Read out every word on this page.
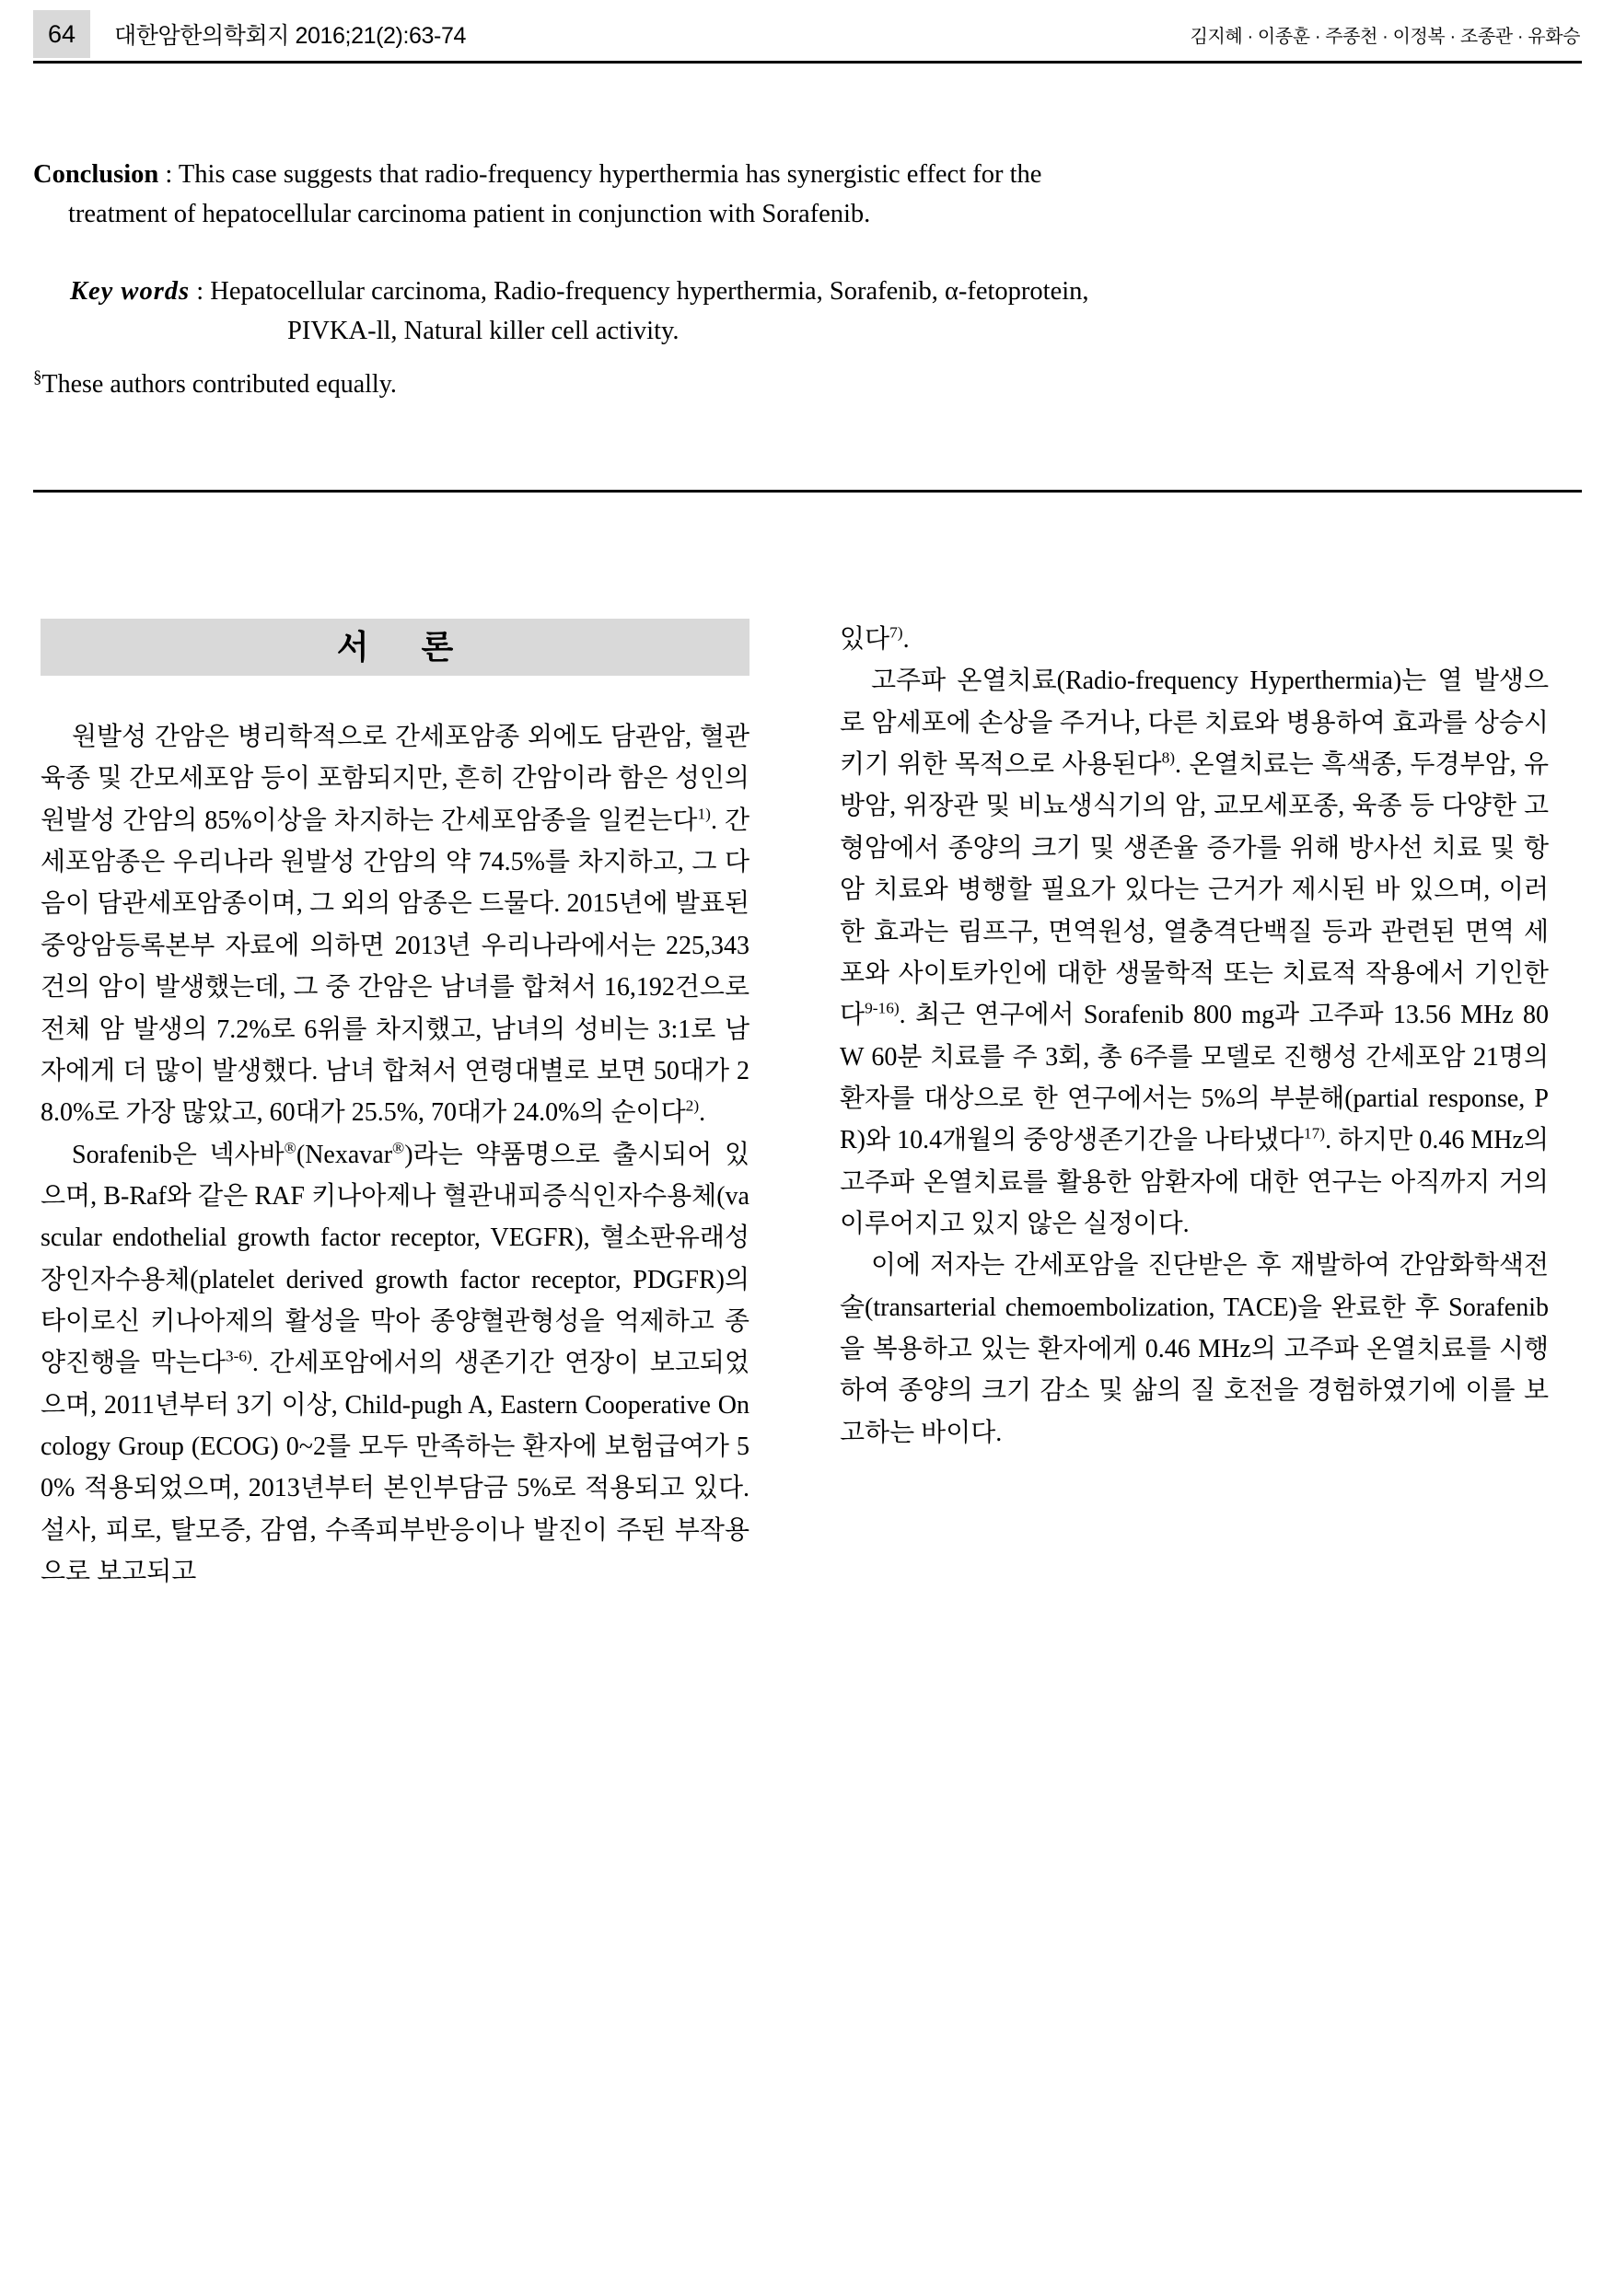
64	대한암한의학회지 2016;21(2):63-74	김지혜 · 이종훈 · 주종천 · 이정복 · 조종관 · 유화승
Conclusion : This case suggests that radio-frequency hyperthermia has synergistic effect for the
treatment of hepatocellular carcinoma patient in conjunction with Sorafenib.
Key words : Hepatocellular carcinoma, Radio-frequency hyperthermia, Sorafenib, α-fetoprotein,
PIVKA-ll, Natural killer cell activity.
§These authors contributed equally.
서 론

원발성 간암은 병리학적으로 간세포암종 외에도 담관암, 혈관육종 및 간모세포암 등이 포함되지만, 흔히 간암이라 함은 성인의 원발성 간암의 85%이상을 차지하는 간세포암종을 일컫는다$^{1)}$. 간세포암종은 우리나라 원발성 간암의 약 74.5%를 차지하고, 그 다음이 담관세포암종이며, 그 외의 암종은 드물다. 2015년에 발표된 중앙암등록본부 자료에 의하면 2013년 우리나라에서는 225,343건의 암이 발생했는데, 그 중 간암은 남녀를 합쳐서 16,192건으로 전체 암 발생의 7.2%로 6위를 차지했고, 남녀의 성비는 3:1로 남자에게 더 많이 발생했다. 남녀 합쳐서 연령대별로 보면 50대가 28.0%로 가장 많았고, 60대가 25.5%, 70대가 24.0%의 순이다$^{2)}$.

Sorafenib은 넥사바®(Nexavar®)라는 약품명으로 출시되어 있으며, B-Raf와 같은 RAF 키나아제나 혈관내피증식인자수용체(vascular endothelial growth factor receptor, VEGFR), 혈소판유래성장인자수용체(platelet derived growth factor receptor, PDGFR)의 타이로신 키나아제의 활성을 막아 종양혈관형성을 억제하고 종양진행을 막는다$^{3-6)}$. 간세포암에서의 생존기간 연장이 보고되었으며, 2011년부터 3기 이상, Child-pugh A, Eastern Cooperative Oncology Group (ECOG) 0~2를 모두 만족하는 환자에 보험급여가 50% 적용되었으며, 2013년부터 본인부담금 5%로 적용되고 있다. 설사, 피로, 탈모증, 감염, 수족피부반응이나 발진이 주된 부작용으로 보고되고

있다$^{7)}$.

고주파 온열치료(Radio-frequency Hyperthermia)는 열 발생으로 암세포에 손상을 주거나, 다른 치료와 병용하여 효과를 상승시키기 위한 목적으로 사용된다$^{8)}$. 온열치료는 흑색종, 두경부암, 유방암, 위장관 및 비뇨생식기의 암, 교모세포종, 육종 등 다양한 고형암에서 종양의 크기 및 생존율 증가를 위해 방사선 치료 및 항암 치료와 병행할 필요가 있다는 근거가 제시된 바 있으며, 이러한 효과는 림프구, 면역원성, 열충격단백질 등과 관련된 면역 세포와 사이토카인에 대한 생물학적 또는 치료적 작용에서 기인한다$^{9-16)}$. 최근 연구에서 Sorafenib 800 mg과 고주파 13.56 MHz 80 W 60분 치료를 주 3회, 총 6주를 모델로 진행성 간세포암 21명의 환자를 대상으로 한 연구에서는 5%의 부분해(partial response, PR)와 10.4개월의 중앙생존기간을 나타냈다$^{17)}$. 하지만 0.46 MHz의 고주파 온열치료를 활용한 암환자에 대한 연구는 아직까지 거의 이루어지고 있지 않은 실정이다.

이에 저자는 간세포암을 진단받은 후 재발하여 간암화학색전술(transarterial chemoembolization, TACE)을 완료한 후 Sorafenib을 복용하고 있는 환자에게 0.46 MHz의 고주파 온열치료를 시행하여 종양의 크기 감소 및 삶의 질 호전을 경험하였기에 이를 보고하는 바이다.
